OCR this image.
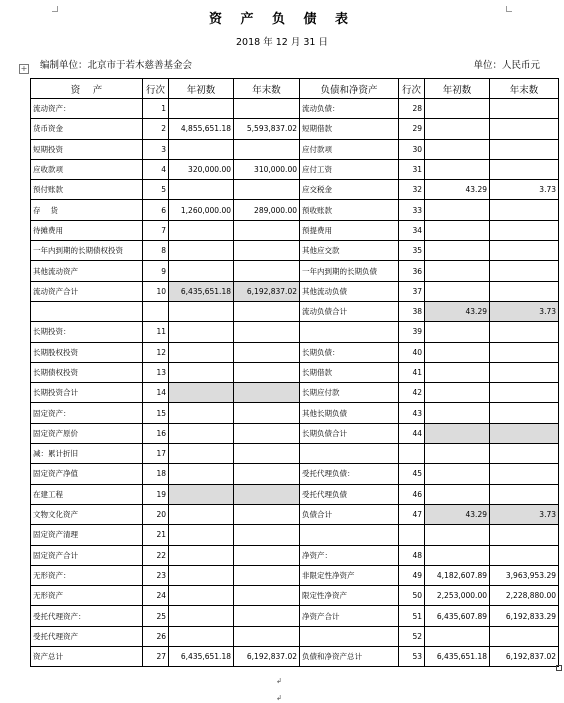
资 产 负 债 表
2018 年 12 月 31 日
编制单位：北京市于若木慈善基金会	单位：人民币元
+
资　 产	行次	年初数	年末数	负债和净资产	行次	年初数	年末数
流动资产：	1			流动负债：	28		
货币资金	2	4,855,651.18	5,593,837.02	短期借款	29		
短期投资	3			应付款项	30		
应收款项	4	320,000.00	310,000.00	应付工资	31		
预付账款	5			应交税金	32	43.29	3.73
存　 货	6	1,260,000.00	289,000.00	预收账款	33		
待摊费用	7			预提费用	34		
一年内到期的长期债权投资	8			其他应交款	35		
其他流动资产	9			一年内到期的长期负债	36		
流动资产合计	10	6,435,651.18	6,192,837.02	其他流动负债	37		
				流动负债合计	38	43.29	3.73
长期投资：	11				39		
长期股权投资	12			长期负债：	40		
长期债权投资	13			长期借款	41		
长期投资合计	14			长期应付款	42		
固定资产：	15			其他长期负债	43		
固定资产原价	16			长期负债合计	44		
减：累计折旧	17						
固定资产净值	18			受托代理负债：	45		
在建工程	19			受托代理负债	46		
文物文化资产	20			负债合计	47	43.29	3.73
固定资产清理	21						
固定资产合计	22			净资产：	48		
无形资产：	23			非限定性净资产	49	4,182,607.89	3,963,953.29
无形资产	24			限定性净资产	50	2,253,000.00	2,228,880.00
受托代理资产：	25			净资产合计	51	6,435,607.89	6,192,833.29
受托代理资产	26				52		
资产总计	27	6,435,651.18	6,192,837.02	负债和净资产总计	53	6,435,651.18	6,192,837.02
↲
↲
